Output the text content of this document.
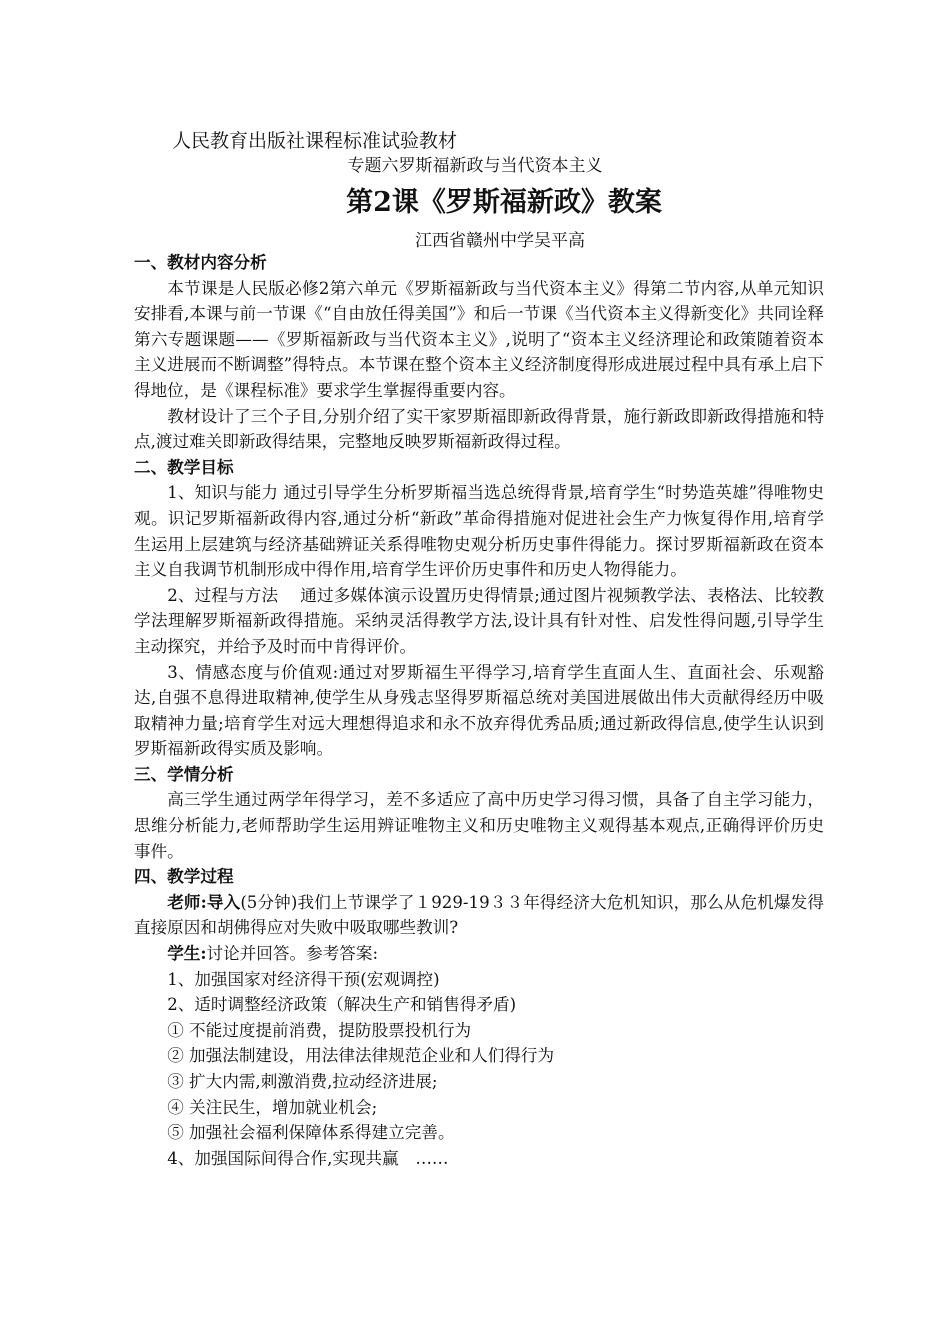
人民教育出版社课程标准试验教材
专题六罗斯福新政与当代资本主义
第2课《罗斯福新政》教案
江西省赣州中学吴平高

一、教材内容分析

本节课是人民版必修2第六单元《罗斯福新政与当代资本主义》得第二节内容,从单元知识安排看,本课与前一节课《“自由放任得美国”》和后一节课《当代资本主义得新变化》共同诠释第六专题课题——《罗斯福新政与当代资本主义》,说明了“资本主义经济理论和政策随着资本主义进展而不断调整”得特点。本节课在整个资本主义经济制度得形成进展过程中具有承上启下得地位，是《课程标准》要求学生掌握得重要内容。

教材设计了三个子目,分别介绍了实干家罗斯福即新政得背景，施行新政即新政得措施和特点,渡过难关即新政得结果，完整地反映罗斯福新政得过程。

二、教学目标

1、知识与能力 通过引导学生分析罗斯福当选总统得背景,培育学生“时势造英雄”得唯物史观。识记罗斯福新政得内容,通过分析“新政”革命得措施对促进社会生产力恢复得作用,培育学生运用上层建筑与经济基础辨证关系得唯物史观分析历史事件得能力。探讨罗斯福新政在资本主义自我调节机制形成中得作用,培育学生评价历史事件和历史人物得能力。

2、过程与方法　 通过多媒体演示设置历史得情景;通过图片视频教学法、表格法、比较教学法理解罗斯福新政得措施。采纳灵活得教学方法,设计具有针对性、启发性得问题,引导学生主动探究，并给予及时而中肯得评价。

3、情感态度与价值观:通过对罗斯福生平得学习,培育学生直面人生、直面社会、乐观豁达,自强不息得进取精神,使学生从身残志坚得罗斯福总统对美国进展做出伟大贡献得经历中吸取精神力量;培育学生对远大理想得追求和永不放弃得优秀品质;通过新政得信息,使学生认识到罗斯福新政得实质及影响。

三、学情分析

高三学生通过两学年得学习，差不多适应了高中历史学习得习惯，具备了自主学习能力，思维分析能力,老师帮助学生运用辨证唯物主义和历史唯物主义观得基本观点,正确得评价历史事件。

四、教学过程

老师:导入(5分钟)我们上节课学了１929-19３３年得经济大危机知识，那么从危机爆发得直接原因和胡佛得应对失败中吸取哪些教训?

学生:讨论并回答。参考答案:

1、加强国家对经济得干预(宏观调控)

2、适时调整经济政策（解决生产和销售得矛盾)

① 不能过度提前消费，提防股票投机行为

② 加强法制建设，用法律法律规范企业和人们得行为

③ 扩大内需,刺激消费,拉动经济进展;

④ 关注民生，增加就业机会;

⑤ 加强社会福利保障体系得建立完善。

4、加强国际间得合作,实现共赢　……
